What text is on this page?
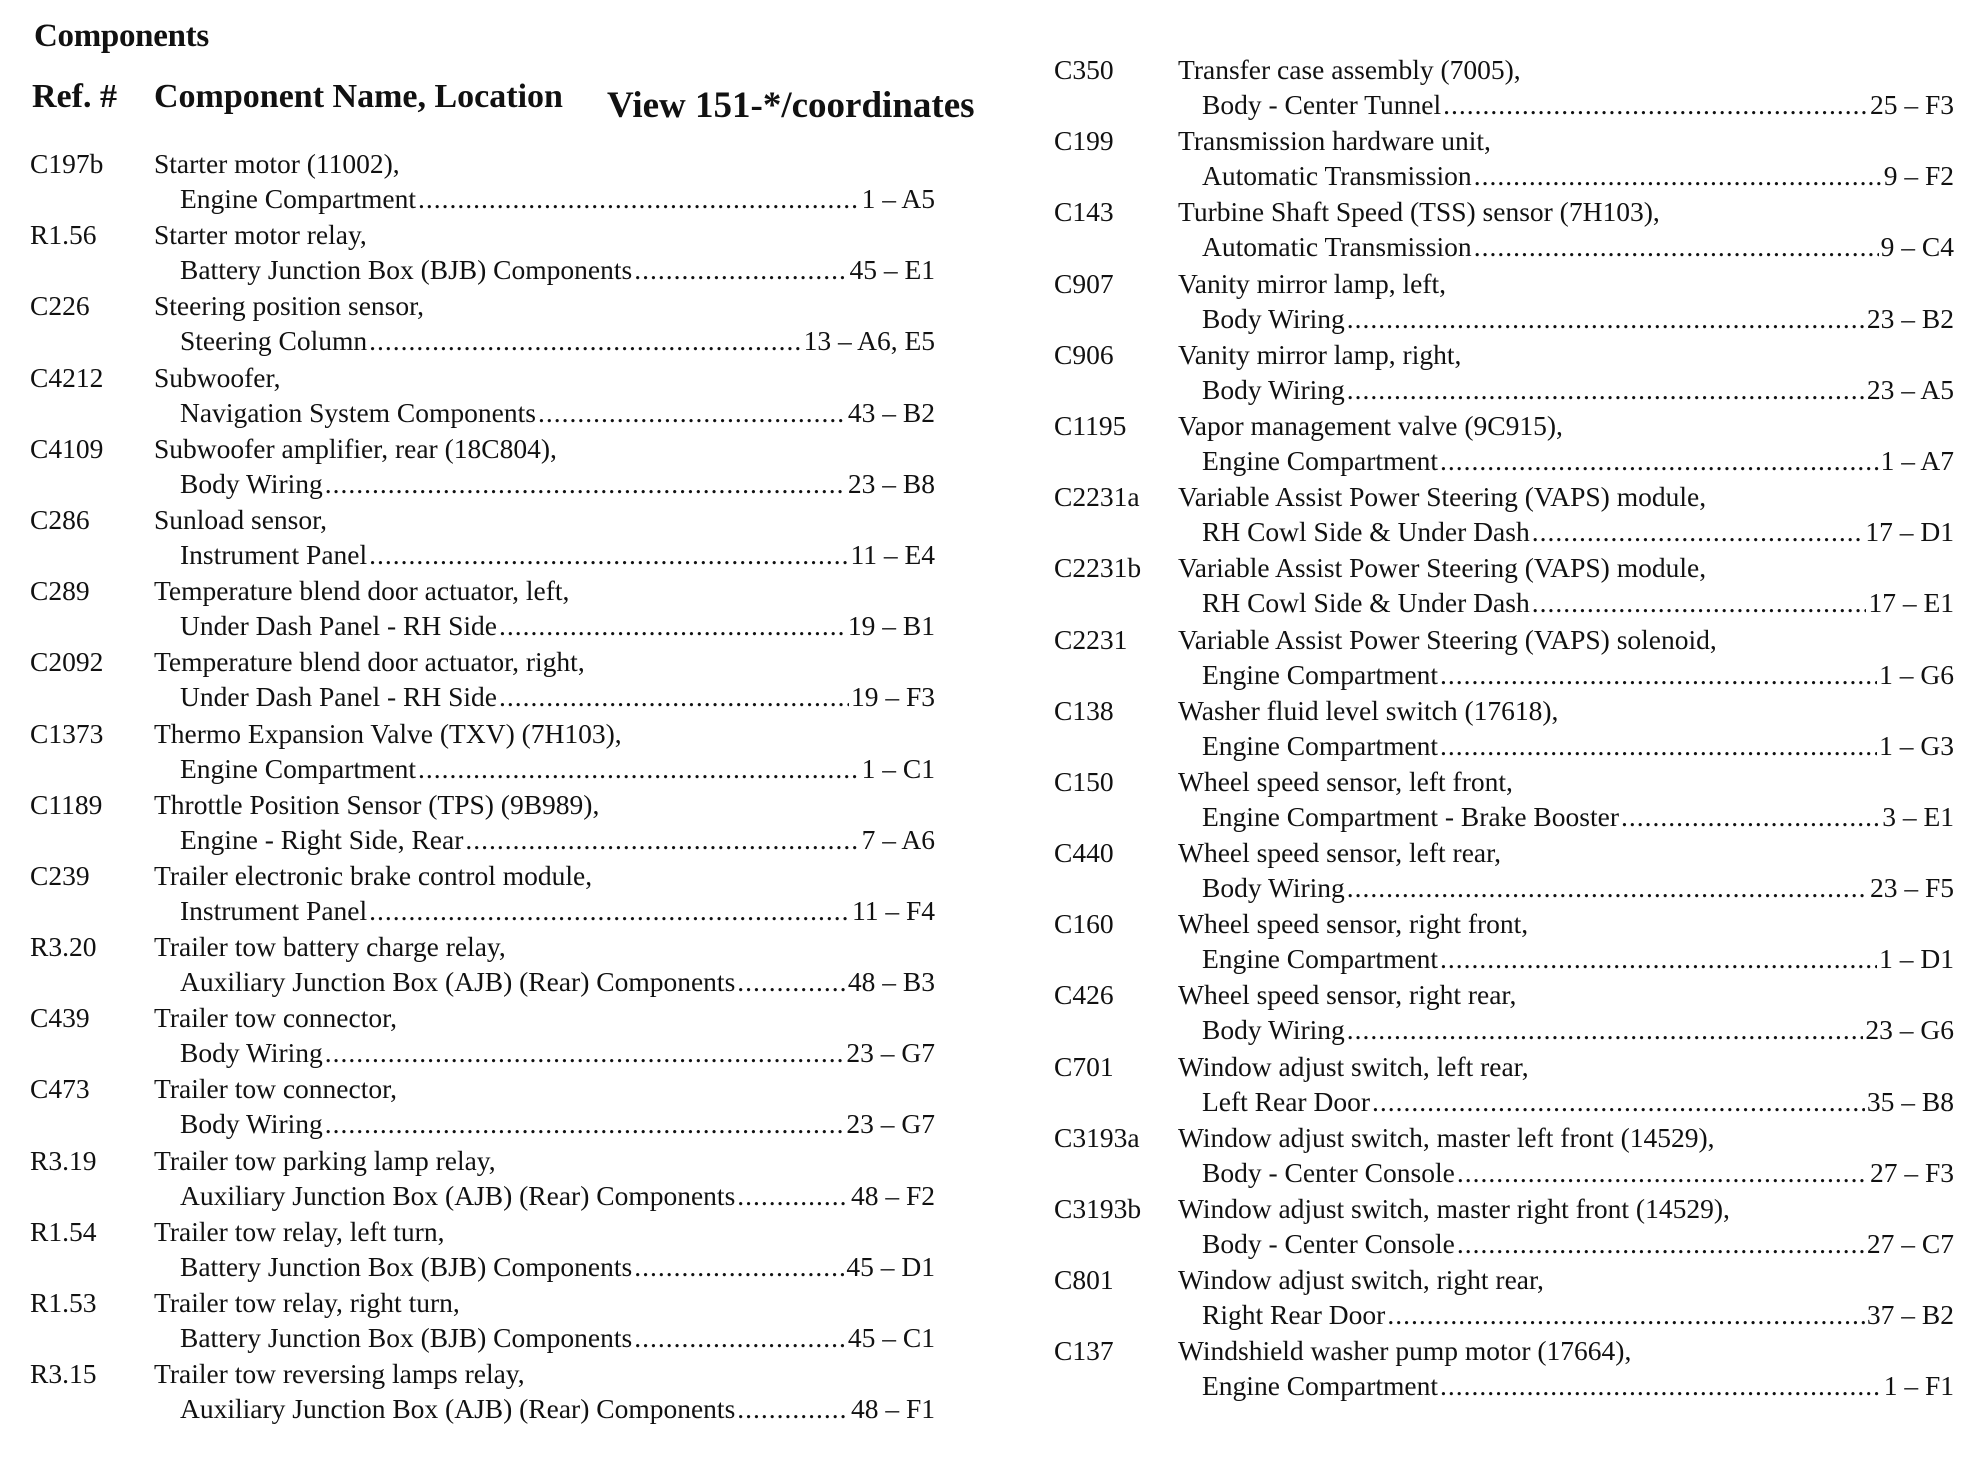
Components
Ref. # Component Name, Location View 151-*/coordinates
C197b Starter motor (11002),
Engine Compartment .....	1 – A5
R1.56 Starter motor relay,
Battery Junction Box (BJB) Components .....	45 – E1
C226 Steering position sensor,
Steering Column .....	13 – A6, E5
C4212 Subwoofer,
Navigation System Components .....	43 – B2
C4109 Subwoofer amplifier, rear (18C804),
Body Wiring .....	23 – B8
C286 Sunload sensor,
Instrument Panel .....	11 – E4
C289 Temperature blend door actuator, left,
Under Dash Panel - RH Side .....	19 – B1
C2092 Temperature blend door actuator, right,
Under Dash Panel - RH Side .....	19 – F3
C1373 Thermo Expansion Valve (TXV) (7H103),
Engine Compartment .....	1 – C1
C1189 Throttle Position Sensor (TPS) (9B989),
Engine - Right Side, Rear .....	7 – A6
C239 Trailer electronic brake control module,
Instrument Panel .....	11 – F4
R3.20 Trailer tow battery charge relay,
Auxiliary Junction Box (AJB) (Rear) Components .....	48 – B3
C439 Trailer tow connector,
Body Wiring .....	23 – G7
C473 Trailer tow connector,
Body Wiring .....	23 – G7
R3.19 Trailer tow parking lamp relay,
Auxiliary Junction Box (AJB) (Rear) Components .....	48 – F2
R1.54 Trailer tow relay, left turn,
Battery Junction Box (BJB) Components .....	45 – D1
R1.53 Trailer tow relay, right turn,
Battery Junction Box (BJB) Components .....	45 – C1
R3.15 Trailer tow reversing lamps relay,
Auxiliary Junction Box (AJB) (Rear) Components .....	48 – F1
C350 Transfer case assembly (7005),
Body - Center Tunnel .....	25 – F3
C199 Transmission hardware unit,
Automatic Transmission .....	9 – F2
C143 Turbine Shaft Speed (TSS) sensor (7H103),
Automatic Transmission .....	9 – C4
C907 Vanity mirror lamp, left,
Body Wiring .....	23 – B2
C906 Vanity mirror lamp, right,
Body Wiring .....	23 – A5
C1195 Vapor management valve (9C915),
Engine Compartment .....	1 – A7
C2231a Variable Assist Power Steering (VAPS) module,
RH Cowl Side & Under Dash .....	17 – D1
C2231b Variable Assist Power Steering (VAPS) module,
RH Cowl Side & Under Dash .....	17 – E1
C2231 Variable Assist Power Steering (VAPS) solenoid,
Engine Compartment .....	1 – G6
C138 Washer fluid level switch (17618),
Engine Compartment .....	1 – G3
C150 Wheel speed sensor, left front,
Engine Compartment - Brake Booster .....	3 – E1
C440 Wheel speed sensor, left rear,
Body Wiring .....	23 – F5
C160 Wheel speed sensor, right front,
Engine Compartment .....	1 – D1
C426 Wheel speed sensor, right rear,
Body Wiring .....	23 – G6
C701 Window adjust switch, left rear,
Left Rear Door .....	35 – B8
C3193a Window adjust switch, master left front (14529),
Body - Center Console .....	27 – F3
C3193b Window adjust switch, master right front (14529),
Body - Center Console .....	27 – C7
C801 Window adjust switch, right rear,
Right Rear Door .....	37 – B2
C137 Windshield washer pump motor (17664),
Engine Compartment .....	1 – F1
